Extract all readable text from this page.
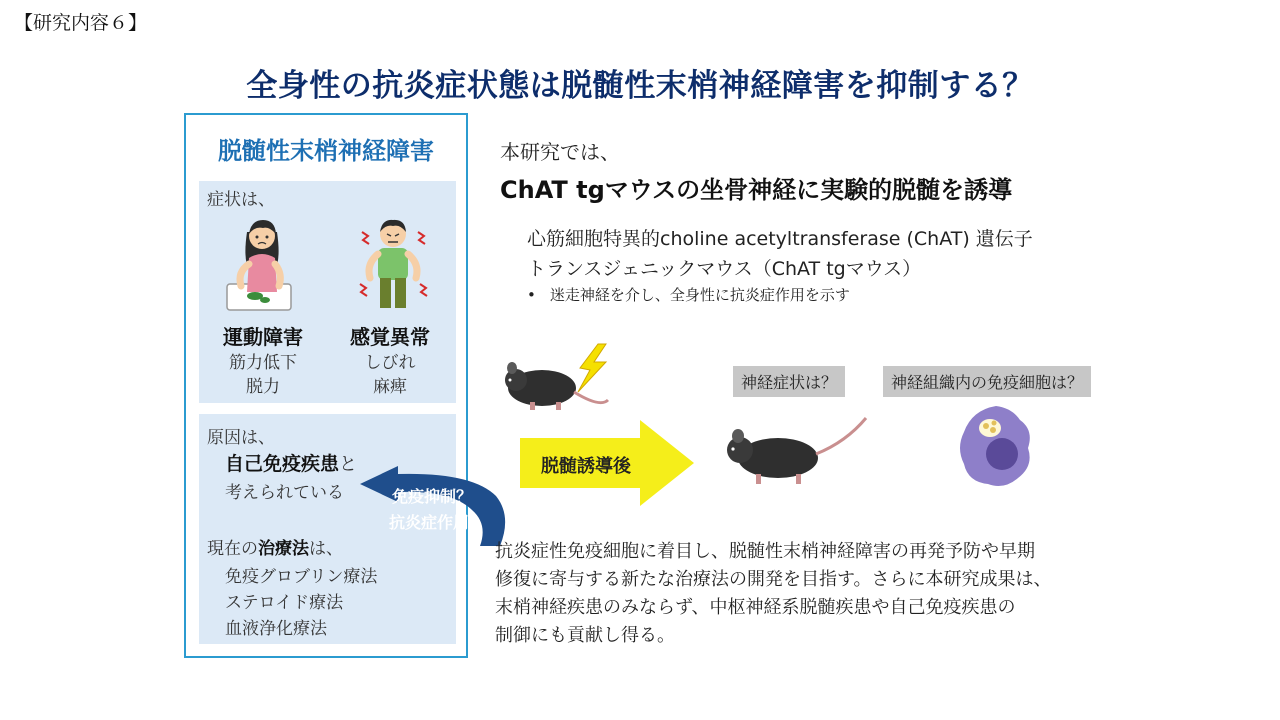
【研究内容６】
全身性の抗炎症状態は脱髄性末梢神経障害を抑制する？
脱髄性末梢神経障害
症状は、
運動障害
筋力低下
脱力
感覚異常
しびれ
麻痺
原因は、
自己免疫疾患と
考えられている
現在の治療法は、
免疫グロブリン療法
ステロイド療法
血液浄化療法
免疫抑制？
抗炎症作用？
本研究では、
ChAT tgマウスの坐骨神経に実験的脱髄を誘導
心筋細胞特異的choline acetyltransferase (ChAT) 遺伝子
トランスジェニックマウス（ChAT tgマウス）
• 迷走神経を介し、全身性に抗炎症作用を示す
脱髄誘導後
神経症状は？	神経組織内の免疫細胞は？
抗炎症性免疫細胞に着目し、脱髄性末梢神経障害の再発予防や早期
修復に寄与する新たな治療法の開発を目指す。さらに本研究成果は、
末梢神経疾患のみならず、中枢神経系脱髄疾患や自己免疫疾患の
制御にも貢献し得る。
